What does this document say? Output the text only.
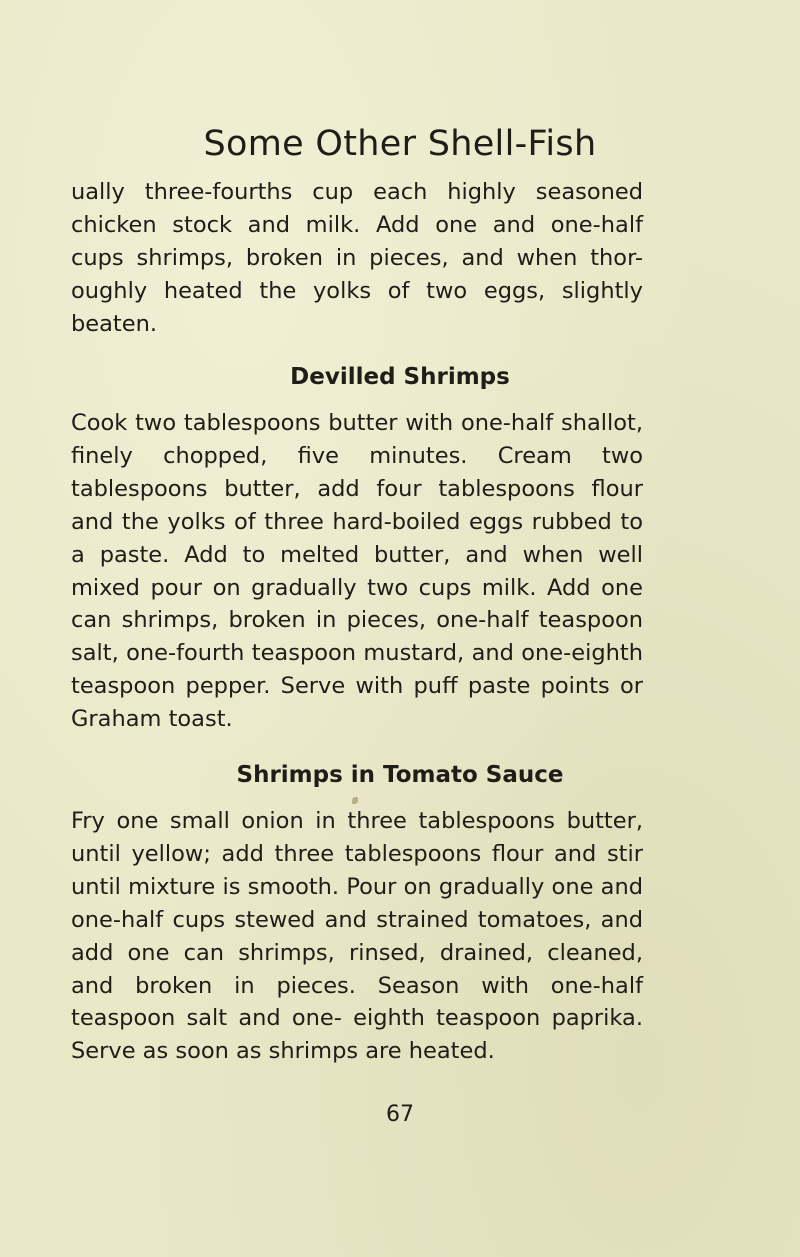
Some Other Shell-Fish
ually three-fourths cup each highly seasoned chicken stock and milk. Add one and one-half cups shrimps, broken in pieces, and when thor- oughly heated the yolks of two eggs, slightly beaten.
Devilled Shrimps
Cook two tablespoons butter with one-half shallot, finely chopped, five minutes. Cream two tablespoons butter, add four tablespoons flour and the yolks of three hard-boiled eggs rubbed to a paste. Add to melted butter, and when well mixed pour on gradually two cups milk. Add one can shrimps, broken in pieces, one-half teaspoon salt, one-fourth teaspoon mustard, and one-eighth teaspoon pepper. Serve with puff paste points or Graham toast.
Shrimps in Tomato Sauce
Fry one small onion in three tablespoons butter, until yellow; add three tablespoons flour and stir until mixture is smooth. Pour on gradually one and one-half cups stewed and strained tomatoes, and add one can shrimps, rinsed, drained, cleaned, and broken in pieces. Season with one-half teaspoon salt and one- eighth teaspoon paprika. Serve as soon as shrimps are heated.
67
